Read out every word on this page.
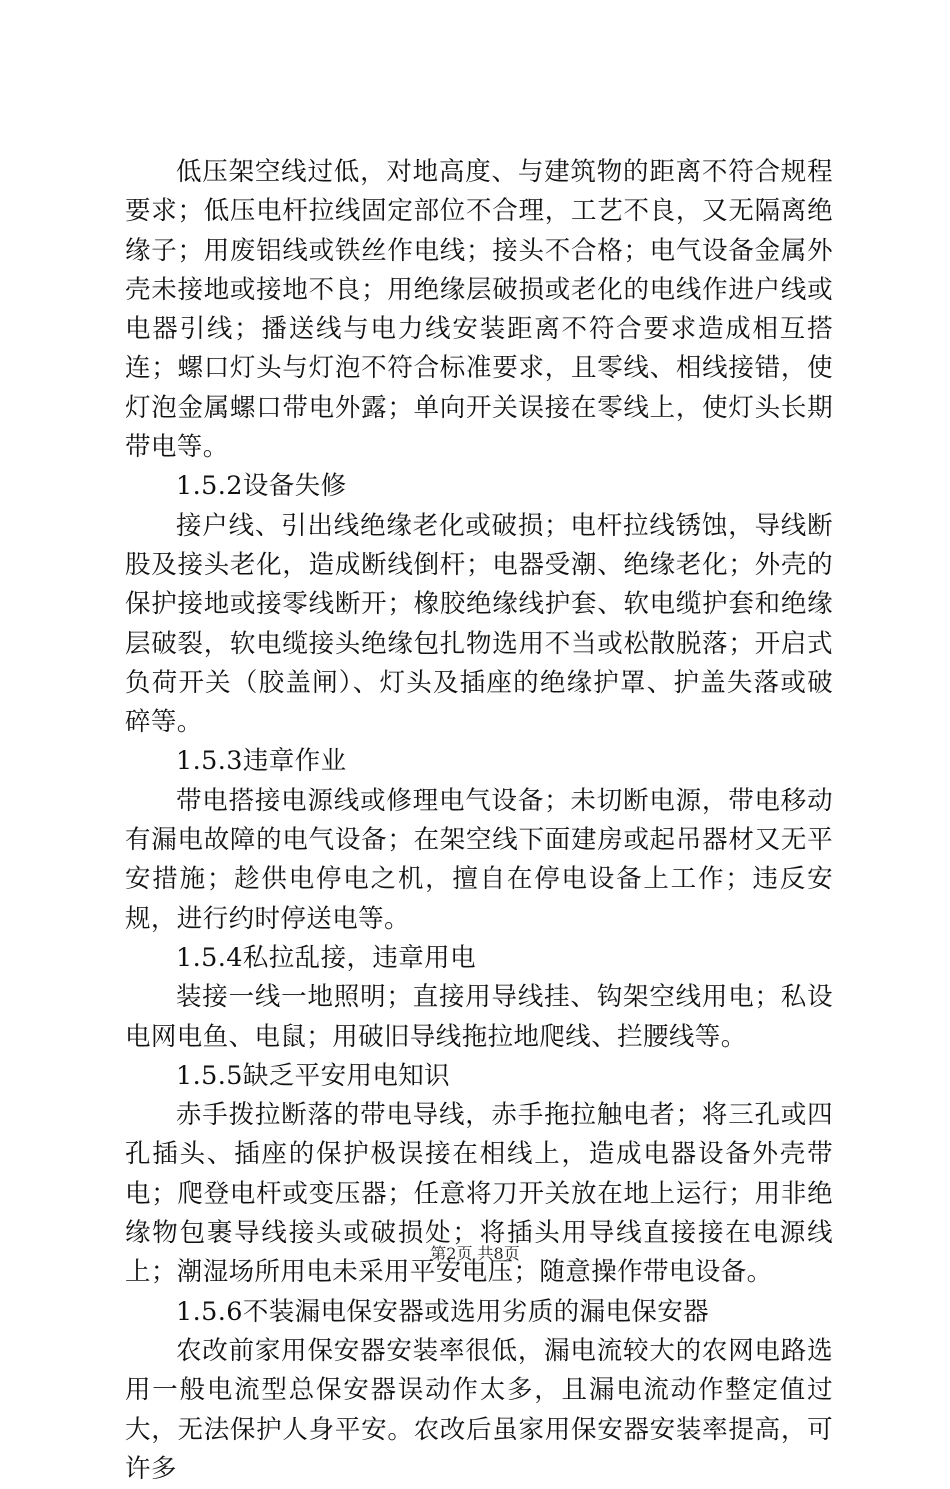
低压架空线过低，对地高度、与建筑物的距离不符合规程要求；低压电杆拉线固定部位不合理，工艺不良，又无隔离绝缘子；用废铝线或铁丝作电线；接头不合格；电气设备金属外壳未接地或接地不良；用绝缘层破损或老化的电线作进户线或电器引线；播送线与电力线安装距离不符合要求造成相互搭连；螺口灯头与灯泡不符合标准要求，且零线、相线接错，使灯泡金属螺口带电外露；单向开关误接在零线上，使灯头长期带电等。

1.5.2设备失修

接户线、引出线绝缘老化或破损；电杆拉线锈蚀，导线断股及接头老化，造成断线倒杆；电器受潮、绝缘老化；外壳的保护接地或接零线断开；橡胶绝缘线护套、软电缆护套和绝缘层破裂，软电缆接头绝缘包扎物选用不当或松散脱落；开启式负荷开关（胶盖闸）、灯头及插座的绝缘护罩、护盖失落或破碎等。

1.5.3违章作业

带电搭接电源线或修理电气设备；未切断电源，带电移动有漏电故障的电气设备；在架空线下面建房或起吊器材又无平安措施；趁供电停电之机，擅自在停电设备上工作；违反安规，进行约时停送电等。

1.5.4私拉乱接，违章用电

装接一线一地照明；直接用导线挂、钩架空线用电；私设电网电鱼、电鼠；用破旧导线拖拉地爬线、拦腰线等。

1.5.5缺乏平安用电知识

赤手拨拉断落的带电导线，赤手拖拉触电者；将三孔或四孔插头、插座的保护极误接在相线上，造成电器设备外壳带电；爬登电杆或变压器；任意将刀开关放在地上运行；用非绝缘物包裹导线接头或破损处；将插头用导线直接接在电源线上；潮湿场所用电未采用平安电压；随意操作带电设备。

1.5.6不装漏电保安器或选用劣质的漏电保安器

农改前家用保安器安装率很低，漏电流较大的农网电路选用一般电流型总保安器误动作太多，且漏电流动作整定值过大，无法保护人身平安。农改后虽家用保安器安装率提高，可许多

第2页 共8页
